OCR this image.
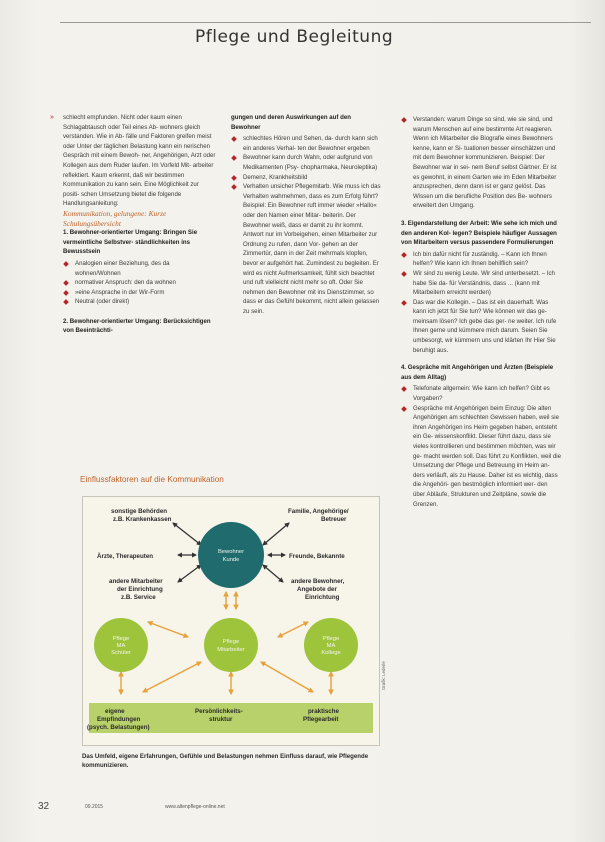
Pflege und Begleitung
» schlecht empfunden. Nicht oder kaum einen Schlagabtausch oder Teil eines Ab- wohners gleich verstanden. Wie in Ab- fälle und Faktoren greifen meist oder Unter der täglichen Belastung kann ein nerischen Gespräch mit einem Bewoh- ner, Angehörigen, Arzt oder Kollegen aus dem Ruder laufen. Im Vorfeld Mit- arbeiter reflektiert. Kaum erkennt, daß wir bestimmen Kommunikation zu kann sein. Eine Möglichkeit zur positi- schen Umsetzung bietet die folgende Handlungsanleitung:

Kommunikation, gelungene: Kurze Schulungsübersicht

1. Bewohner-orientierter Umgang: Bringen Sie vermeintliche Selbstver- ständlichkeiten ins Bewusstsein

Analogien einer Beziehung, des da wohnen/Wohnen
normativer Anspruch: den da wohnen
»eine Ansprache in der Wir-Form
Neutral (oder direkt)

2. Bewohner-orientierter Umgang: Berücksichtigen von Beeinträchti-

gungen und deren Auswirkungen auf den Bewohner

schlechtes Hören und Sehen, da- durch kann sich ein anderes Verhal- ten der Bewohner ergeben
Bewohner kann durch Wahn, oder aufgrund von Medikamenten (Psy- chopharmaka, Neuroleptika)
Demenz, Krankheitsbild
Verhalten unsicher Pflegemitarb. Wie muss ich das Verhalten wahrnehmen, dass es zum Erfolg führt? Beispiel: Ein Bewohner ruft immer wieder »Hallo« oder den Namen einer Mitar- beiterin. Der Bewohner weiß, dass er damit zu ihr kommt. Antwort nur im Vorbeigehen, einen Mitarbeiter zur Ordnung zu rufen, dann Vor- gehen an der Zimmertür, dann in der Zeit mehrmals klopfen, bevor er aufgehört hat. Zumindest zu begleiten. Er wird es nicht Aufmerksamkeit, fühlt sich beachtet und ruft vielleicht nicht mehr so oft. Oder Sie nehmen den Bewohner mit ins Dienstzimmer, so dass er das Gefühl bekommt, nicht allein gelassen zu sein.
Verstanden: warum Dinge so sind, wie sie sind, und warum Menschen auf eine bestimmte Art reagieren. Wenn ich Mitarbeiter die Biografie eines Bewohners kenne, kann er Si- tuationen besser einschätzen und mit dem Bewohner kommunizieren. Beispiel: Der Bewohner war in sei- nem Beruf selbst Gärtner. Er ist es gewohnt, in einem Garten wie im Eden Mitarbeiter anzusprechen, denn dann ist er ganz gelöst. Das Wissen um die berufliche Position des Be- wohners erweitert den Umgang.

3. Eigendarstellung der Arbeit: Wie sehe ich mich und den anderen Kol- legen? Beispiele häufiger Aussagen von Mitarbeitern versus passendere Formulierungen

Ich bin dafür nicht für zuständig. – Kann ich Ihnen helfen? Wie kann ich Ihnen behilflich sein?
Wir sind zu wenig Leute. Wir sind unterbesetzt. – Ich habe Sie da- für Verständnis, dass ... (kann mit Mitarbeitern erreicht werden)
Das war die Kollegin. – Das ist ein dauerhaft. Was kann ich jetzt für Sie tun? Wie können wir das ge- meinsam lösen? Ich gebe das ger- ne weiter. Ich rufe Ihnen gerne und kümmere mich darum. Seien Sie umbesorgt, wir kümmern uns und klärten Ihr Hier Sie beruhigt aus.

4. Gespräche mit Angehörigen und Ärzten (Beispiele aus dem Alltag)

Telefonate allgemein: Wie kann ich helfen? Gibt es Vorgaben?
Gespräche mit Angehörigen beim Einzug: Die alten Angehörigen am schlechten Gewissen haben, weil sie ihren Angehörigen ins Heim gegeben haben, entsteht ein Ge- wissenskonflikt. Dieser führt dazu, dass sie vieles kontrollieren und bestimmen möchten, was wir ge- macht werden soll. Das führt zu Konflikten, weil die Umsetzung der Pflege und Betreuung im Heim an- ders verläuft, als zu Hause. Daher ist es wichtig, dass die Angehöri- gen bestmöglich informiert wer- den über Abläufe, Strukturen und Zeitpläne, sowie die Grenzen.
Einflussfaktoren auf die Kommunikation
sonstige Behörden
z.B. Krankenkassen
Ärzte, Therapeuten
andere Mitarbeiter
der Einrichtung
z.B. Service
Familie, Angehörige/
Betreuer
Freunde, Bekannte
andere Bewohner,
Angebote der
Einrichtung
eigene
Empfindungen
(psych. Belastungen)
Persönlichkeits-
struktur
praktische
Pflegearbeit
Bewohner
Kunde
Pflege
MA
Schüler
Pflege
Mitarbeiter
Pflege
MA
Kollege
Grafik: Lederle
Das Umfeld, eigene Erfahrungen, Gefühle und Belastungen nehmen Einfluss darauf, wie Pflegende kommunizieren.
32	09.2015	www.altenpflege-online.net
